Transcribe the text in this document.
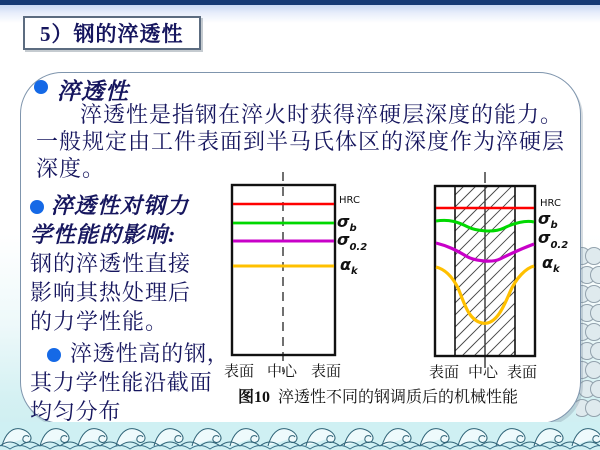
5）钢的淬透性
淬透性
淬透性是指钢在淬火时获得淬硬层深度的能力。一般规定由工件表面到半马氏体区的深度作为淬硬层深度。
淬透性对钢力学性能的影响:
钢的淬透性直接影响其热处理后的力学性能。
淬透性高的钢，其力学性能沿截面均匀分布
HRC
$\sigma_b$
$\sigma_{0.2}$
$\alpha_k$
表面 中心 表面
HRC
$\sigma_b$
$\sigma_{0.2}$
$\alpha_k$
表面 中心 表面
图10 淬透性不同的钢调质后的机械性能
